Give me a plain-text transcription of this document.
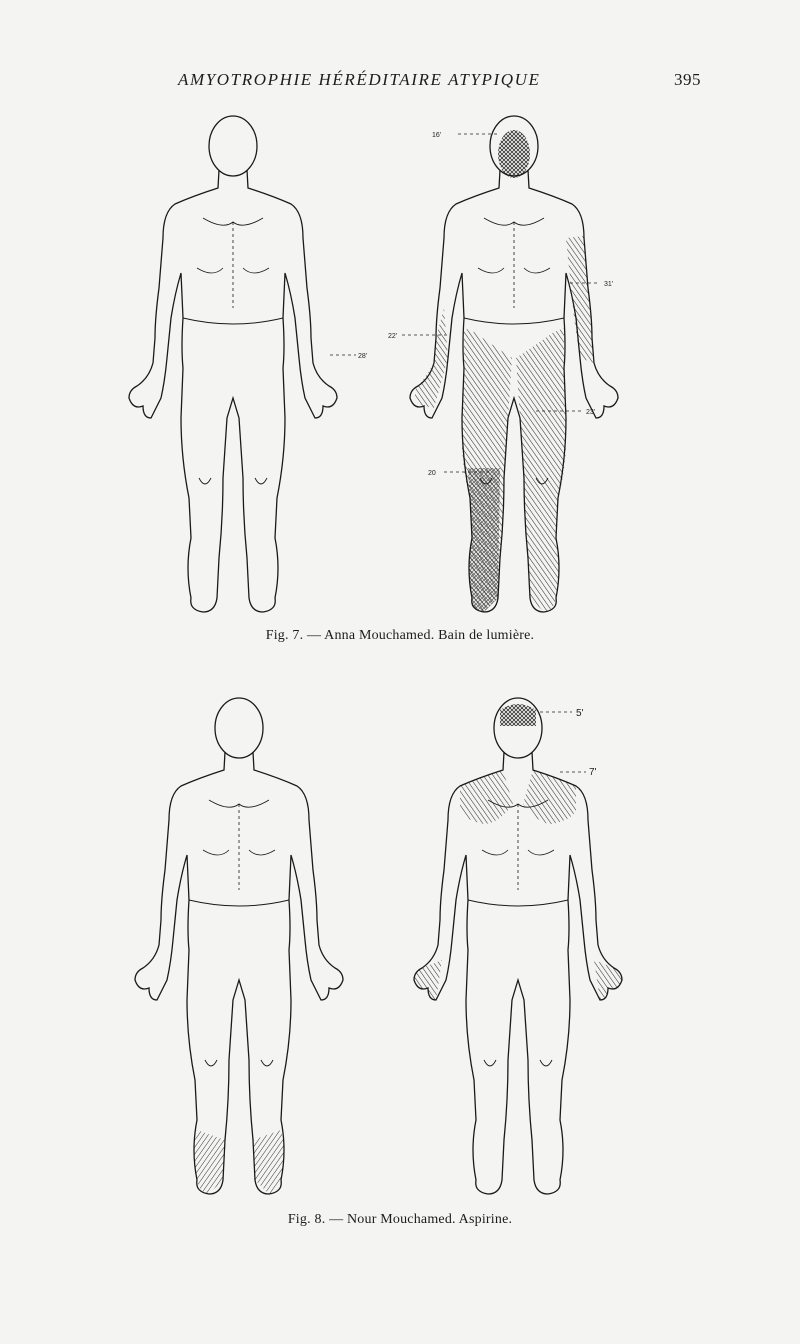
AMYOTROPHIE HÉRÉDITAIRE ATYPIQUE	395
16'
31'
22'
23'
20
28'
Fig. 7. — Anna Mouchamed. Bain de lumière.
5'
7'
Fig. 8. — Nour Mouchamed. Aspirine.
